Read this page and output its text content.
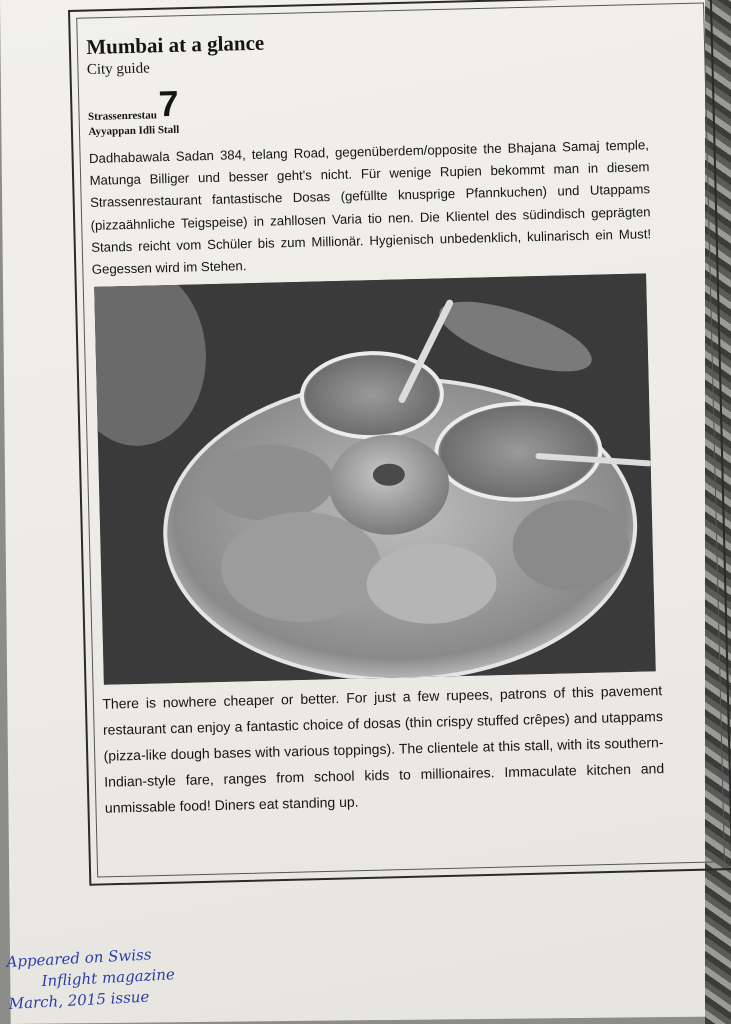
Mumbai at a glance
City guide
Strassenrestau 7
Ayyappan Idli Stall

Dadhabawala Sadan 384, telang Road, gegenüberdem/opposite the Bhajana Samaj temple, Matunga Billiger und besser geht's nicht. Für wenige Rupien bekommt man in diesem Strassenrestaurant fantastische Dosas (gefüllte knusprige Pfannkuchen) und Utappams (pizzaähnliche Teigspeise) in zahllosen Varia tio nen. Die Klientel des südindisch geprägten Stands reicht vom Schüler bis zum Millionär. Hygienisch unbedenklich, kulinarisch ein Must! Gegessen wird im Stehen.

There is nowhere cheaper or better. For just a few rupees, patrons of this pavement restaurant can enjoy a fantastic choice of dosas (thin crispy stuffed crêpes) and utappams (pizza-like dough bases with various toppings). The clientele at this stall, with its southern-Indian-style fare, ranges from school kids to millionaires. Immaculate kitchen and unmissable food! Diners eat standing up.

Appeared on Swiss
Inflight magazine
March, 2015 issue
